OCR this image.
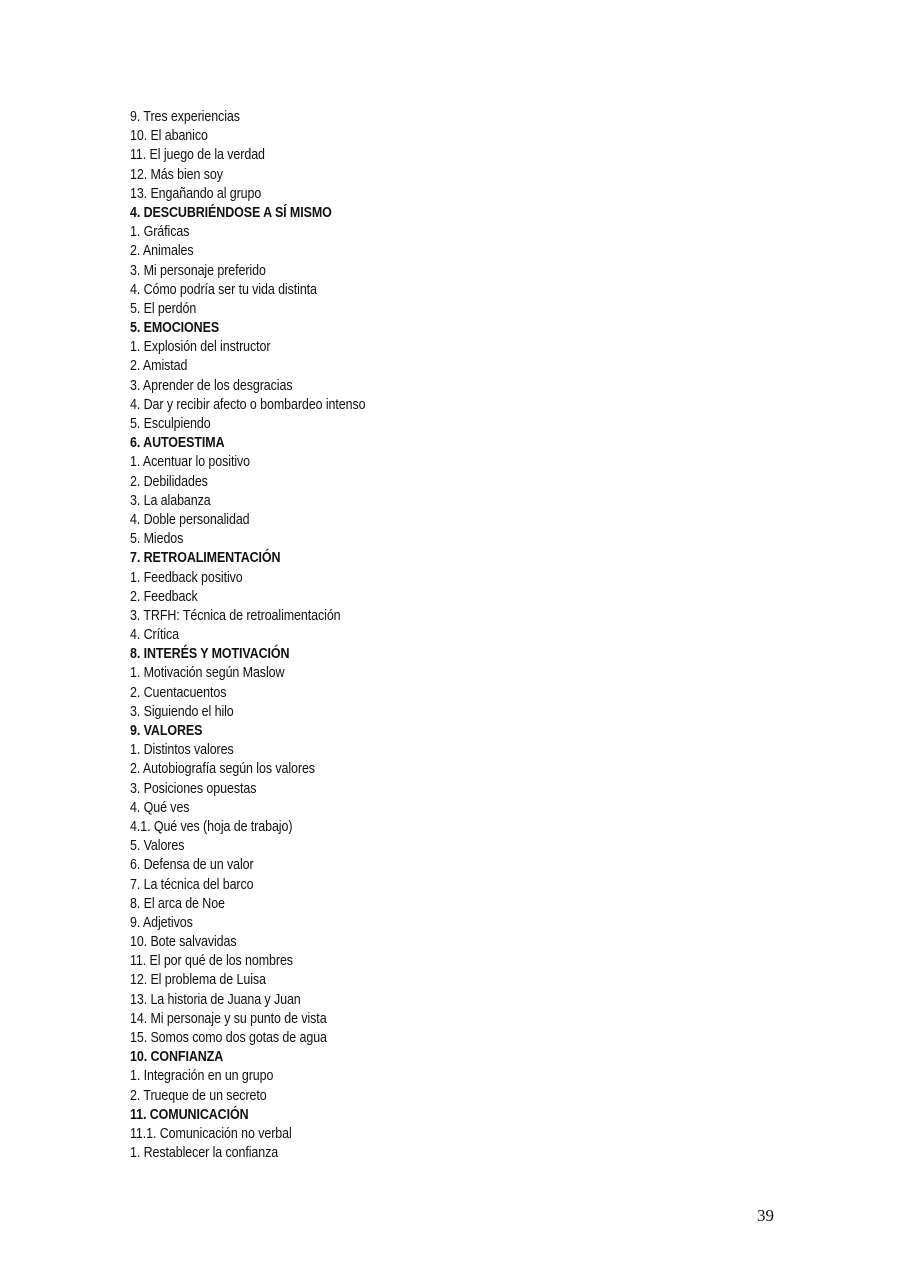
9. Tres experiencias
10. El abanico
11. El juego de la verdad
12. Más bien soy
13. Engañando al grupo
4. DESCUBRIÉNDOSE A SÍ MISMO
1. Gráficas
2. Animales
3. Mi personaje preferido
4. Cómo podría ser tu vida distinta
5. El perdón
5. EMOCIONES
1. Explosión del instructor
2. Amistad
3. Aprender de los desgracias
4. Dar y recibir afecto o bombardeo intenso
5. Esculpiendo
6. AUTOESTIMA
1. Acentuar lo positivo
2. Debilidades
3. La alabanza
4. Doble personalidad
5. Miedos
7. RETROALIMENTACIÓN
1. Feedback positivo
2. Feedback
3. TRFH: Técnica de retroalimentación
4. Crítica
8. INTERÉS Y MOTIVACIÓN
1. Motivación según Maslow
2. Cuentacuentos
3. Siguiendo el hilo
9. VALORES
1. Distintos valores
2. Autobiografía según los valores
3. Posiciones opuestas
4. Qué ves
4.1. Qué ves (hoja de trabajo)
5. Valores
6. Defensa de un valor
7. La técnica del barco
8. El arca de Noe
9. Adjetivos
10. Bote salvavidas
11. El por qué de los nombres
12. El problema de Luisa
13. La historia de Juana y Juan
14. Mi personaje y su punto de vista
15. Somos como dos gotas de agua
10. CONFIANZA
1. Integración en un grupo
2. Trueque de un secreto
11. COMUNICACIÓN
11.1. Comunicación no verbal
1. Restablecer la confianza
39
